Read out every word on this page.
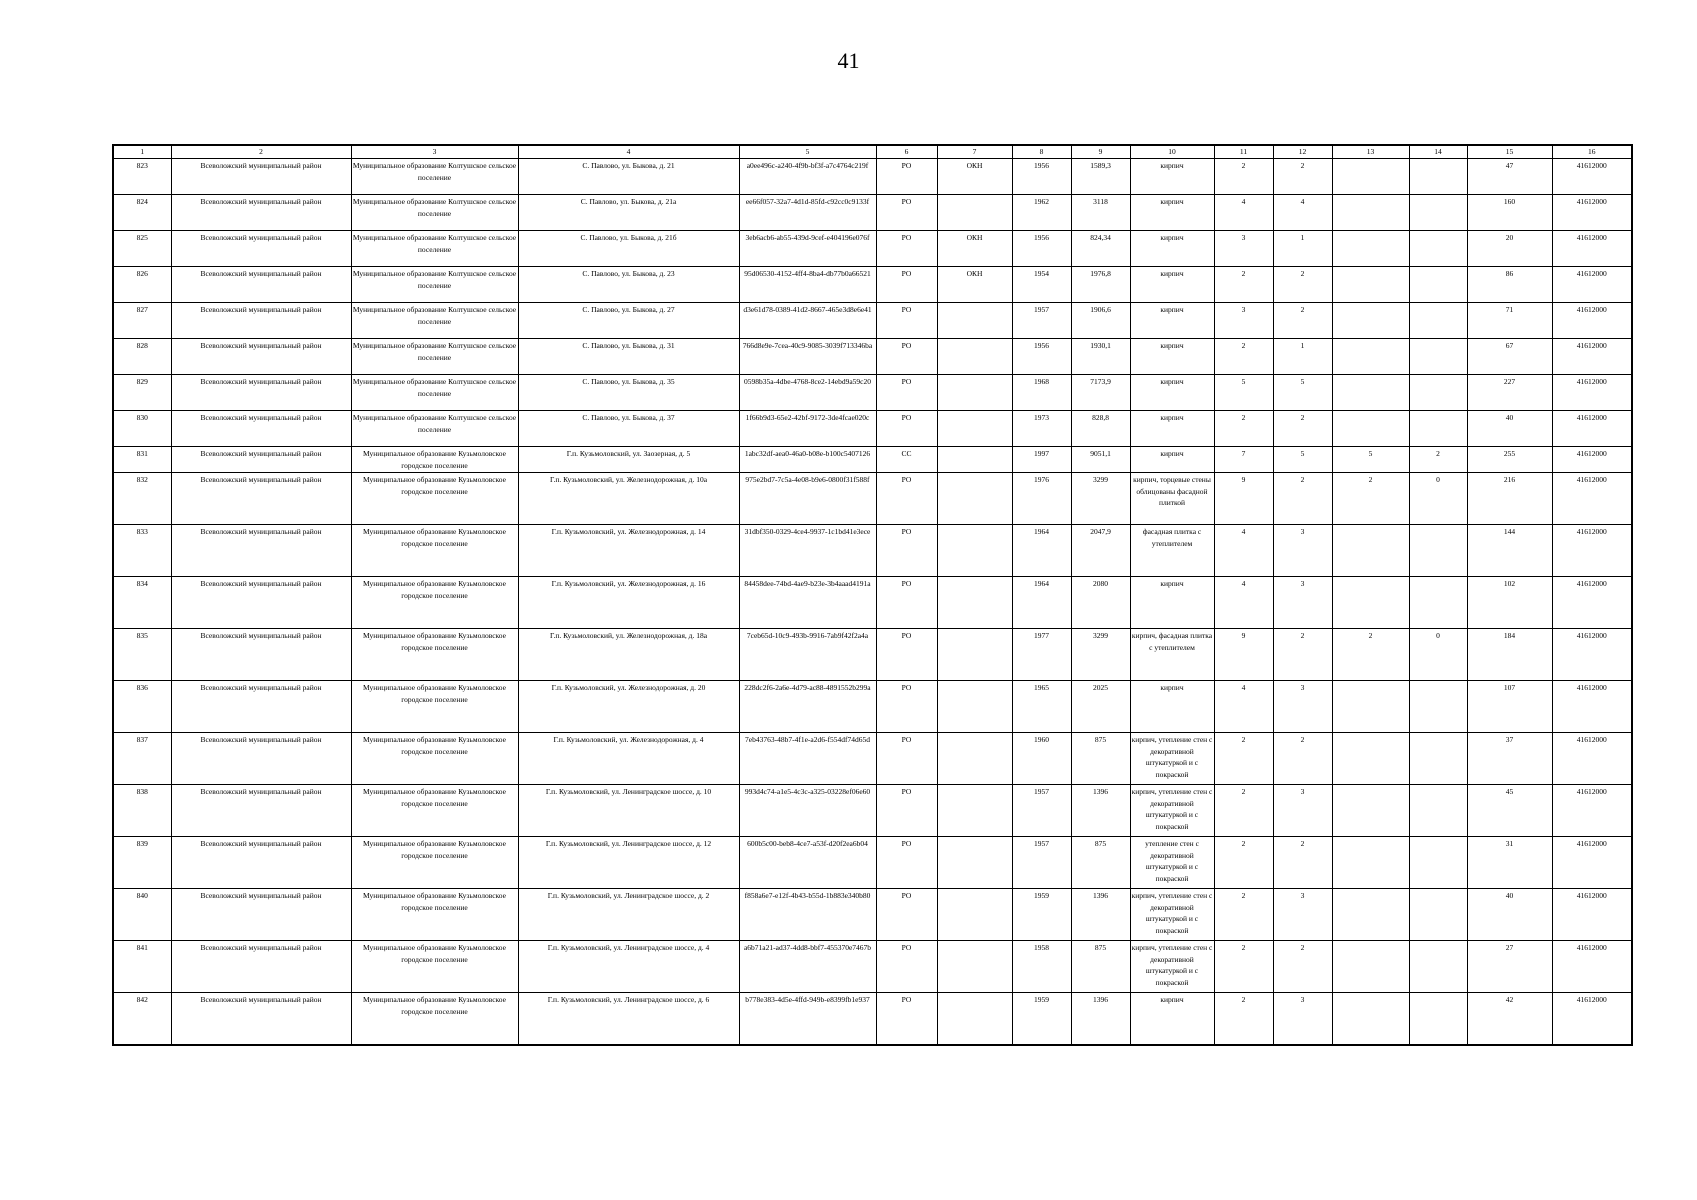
41
1	2	3	4	5	6	7	8	9	10	11	12	13	14	15	16
823	Всеволожский муниципальный район	Муниципальное образование Колтушское сельское поселение	С. Павлово, ул. Быкова, д. 21	a0ee496c-a240-4f9b-bf3f-a7c4764c219f	РО	ОКН	1956	1589,3	кирпич	2	2			47	41612000
824	Всеволожский муниципальный район	Муниципальное образование Колтушское сельское поселение	С. Павлово, ул. Быкова, д. 21а	ee66f057-32a7-4d1d-85fd-c92cc0c9133f	РО		1962	3118	кирпич	4	4			160	41612000
825	Всеволожский муниципальный район	Муниципальное образование Колтушское сельское поселение	С. Павлово, ул. Быкова, д. 21б	3eb6acb6-ab55-439d-9cef-e404196e076f	РО	ОКН	1956	824,34	кирпич	3	1			20	41612000
826	Всеволожский муниципальный район	Муниципальное образование Колтушское сельское поселение	С. Павлово, ул. Быкова, д. 23	95d06530-4152-4ff4-8ba4-db77b0a66521	РО	ОКН	1954	1976,8	кирпич	2	2			86	41612000
827	Всеволожский муниципальный район	Муниципальное образование Колтушское сельское поселение	С. Павлово, ул. Быкова, д. 27	d3e61d78-0389-41d2-8667-465e3d8e6e41	РО		1957	1906,6	кирпич	3	2			71	41612000
828	Всеволожский муниципальный район	Муниципальное образование Колтушское сельское поселение	С. Павлово, ул. Быкова, д. 31	766d8e9e-7cea-40c9-9085-3039f713346ba	РО		1956	1930,1	кирпич	2	1			67	41612000
829	Всеволожский муниципальный район	Муниципальное образование Колтушское сельское поселение	С. Павлово, ул. Быкова, д. 35	0598b35a-4dbe-4768-8ce2-14ebd9a59c20	РО		1968	7173,9	кирпич	5	5			227	41612000
830	Всеволожский муниципальный район	Муниципальное образование Колтушское сельское поселение	С. Павлово, ул. Быкова, д. 37	1f66b9d3-65e2-42bf-9172-3de4fcae020c	РО		1973	828,8	кирпич	2	2			40	41612000
831	Всеволожский муниципальный район	Муниципальное образование Кузьмоловское городское поселение	Г.п. Кузьмоловский, ул. Заозерная, д. 5	1abc32df-aea0-46a0-b08e-b100c5407126	СС		1997	9051,1	кирпич	7	5	5	2	255	41612000
832	Всеволожский муниципальный район	Муниципальное образование Кузьмоловское городское поселение	Г.п. Кузьмоловский, ул. Железнодорожная, д. 10а	975e2bd7-7c5a-4e08-b9e6-0800f31f588f	РО		1976	3299	кирпич, торцевые стены облицованы фасадной плиткой	9	2	2	0	216	41612000
833	Всеволожский муниципальный район	Муниципальное образование Кузьмоловское городское поселение	Г.п. Кузьмоловский, ул. Железнодорожная, д. 14	31dbf350-0329-4ce4-9937-1c1bd41e3ece	РО		1964	2047,9	фасадная плитка с утеплителем	4	3			144	41612000
834	Всеволожский муниципальный район	Муниципальное образование Кузьмоловское городское поселение	Г.п. Кузьмоловский, ул. Железнодорожная, д. 16	84458dee-74bd-4ae9-b23e-3b4aaad4191a	РО		1964	2080	кирпич	4	3			102	41612000
835	Всеволожский муниципальный район	Муниципальное образование Кузьмоловское городское поселение	Г.п. Кузьмоловский, ул. Железнодорожная, д. 18а	7ceb65d-10c9-493b-9916-7ab9f42f2a4a	РО		1977	3299	кирпич, фасадная плитка с утеплителем	9	2	2	0	184	41612000
836	Всеволожский муниципальный район	Муниципальное образование Кузьмоловское городское поселение	Г.п. Кузьмоловский, ул. Железнодорожная, д. 20	228dc2f6-2a6e-4d79-ac88-4891552b299a	РО		1965	2025	кирпич	4	3			107	41612000
837	Всеволожский муниципальный район	Муниципальное образование Кузьмоловское городское поселение	Г.п. Кузьмоловский, ул. Железнодорожная, д. 4	7eb43763-48b7-4f1e-a2d6-f554df74d65d	РО		1960	875	кирпич, утепление стен с декоративной штукатуркой и с покраской	2	2			37	41612000
838	Всеволожский муниципальный район	Муниципальное образование Кузьмоловское городское поселение	Г.п. Кузьмоловский, ул. Ленинградское шоссе, д. 10	993d4c74-a1e5-4c3c-a325-03228ef06e60	РО		1957	1396	кирпич, утепление стен с декоративной штукатуркой и с покраской	2	3			45	41612000
839	Всеволожский муниципальный район	Муниципальное образование Кузьмоловское городское поселение	Г.п. Кузьмоловский, ул. Ленинградское шоссе, д. 12	600b5c00-beb8-4ce7-a53f-d20f2ea6b04	РО		1957	875	утепление стен с декоративной штукатуркой и с покраской	2	2			31	41612000
840	Всеволожский муниципальный район	Муниципальное образование Кузьмоловское городское поселение	Г.п. Кузьмоловский, ул. Ленинградское шоссе, д. 2	f858a6e7-e12f-4b43-b55d-1b883e340b80	РО		1959	1396	кирпич, утепление стен с декоративной штукатуркой и с покраской	2	3			40	41612000
841	Всеволожский муниципальный район	Муниципальное образование Кузьмоловское городское поселение	Г.п. Кузьмоловский, ул. Ленинградское шоссе, д. 4	a6b71a21-ad37-4dd8-bbf7-455370e7467b	РО		1958	875	кирпич, утепление стен с декоративной штукатуркой и с покраской	2	2			27	41612000
842	Всеволожский муниципальный район	Муниципальное образование Кузьмоловское городское поселение	Г.п. Кузьмоловский, ул. Ленинградское шоссе, д. 6	b778e383-4d5e-4ffd-949b-e8399fb1e937	РО		1959	1396	кирпич	2	3			42	41612000
